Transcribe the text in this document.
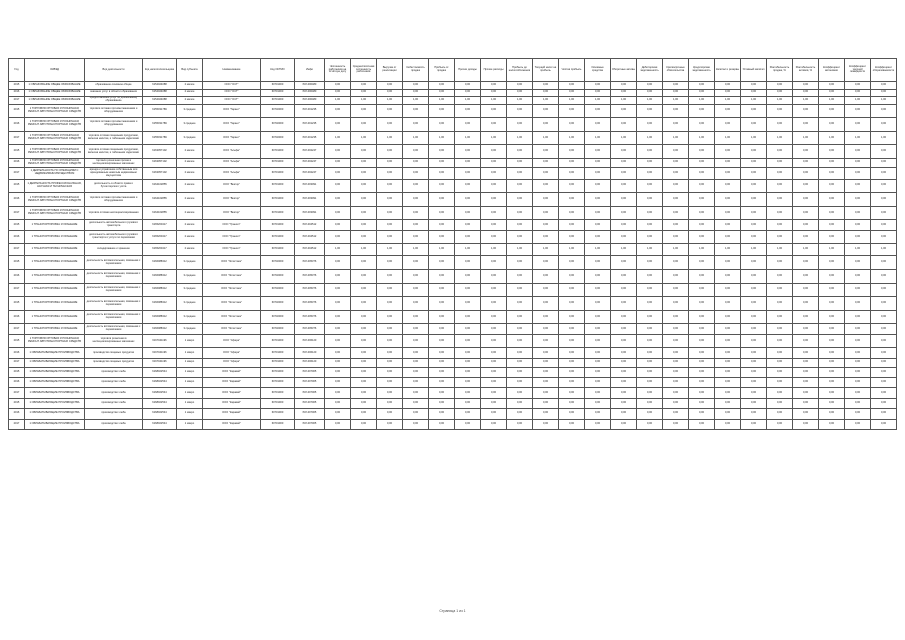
Год	ОКВЭД	Вид деятельности	Код налогоплательщика	Вид субъекта	Наименование	Код ОКТМО	Инфо	Численность работников на отчётную дату	Среднесписочная численность работников	Выручка от реализации	Себестоимость продаж	Прибыль от продаж	Прочие доходы	Прочие расходы	Прибыль до налогообложения	Текущий налог на прибыль	Чистая прибыль	Основные средства	Оборотные активы	Дебиторская задолженность	Краткосрочные обязательства	Кредиторская задолженность	Капитал и резервы	Уставный капитал	Рентабельность продаж, %	Рентабельность активов, %	Коэффициент автономии	Коэффициент текущей ликвидности	Коэффициент оборачиваемости
2015	1 ОБРАЗОВАНИЕ ОБЩЕЕ ОБРАЗОВАНИЕ	образование основное общее	6154024088	2 малое	ООО "ОСТ"	60701000	ЮЛ-000480	0,00	0,00	0,00	0,00	0,00	0,00	0,00	0,00	0,00	0,00	0,00	0,00	0,00	0,00	0,00	0,00	0,00	0,00	0,00	0,00	0,00	0,00
2016	1 ОБРАЗОВАНИЕ ОБЩЕЕ ОБРАЗОВАНИЕ	оказание услуг в области образования	6154024088	2 малое	ООО "ОСТ"	60701000	ЮЛ-000480	0,00	0,00	0,00	0,00	0,00	0,00	0,00	0,00	0,00	0,00	0,00	0,00	0,00	0,00	0,00	0,00	0,00	0,00	0,00	0,00	0,00	0,00
2017	1 ОБРАЗОВАНИЕ ОБЩЕЕ ОБРАЗОВАНИЕ	предоставление услуг по дошкольному образованию	6154024088	2 малое	ООО "ОСТ"	60701000	ЮЛ-000480	1,00	1,00	1,00	1,00	1,00	1,00	1,00	1,00	1,00	1,00	1,00	1,00	1,00	1,00	1,00	1,00	1,00	1,00	1,00	1,00	1,00	1,00
2015	1 ТОРГОВЛЯ ОПТОВАЯ И РОЗНИЧНАЯ; РЕМОНТ АВТОТРАНСПОРТНЫХ СРЕДСТВ	торговля оптовая прочими машинами и оборудованием	6155031789	3 среднее	ООО "Гарант"	60740000	ЮЛ-001235	0,00	0,00	0,00	0,00	0,00	0,00	0,00	0,00	0,00	0,00	0,00	0,00	0,00	0,00	0,00	0,00	0,00	0,00	0,00	0,00	0,00	0,00
2016	1 ТОРГОВЛЯ ОПТОВАЯ И РОЗНИЧНАЯ; РЕМОНТ АВТОТРАНСПОРТНЫХ СРЕДСТВ	торговля оптовая прочими машинами и оборудованием	6155031789	3 среднее	ООО "Гарант"	60740000	ЮЛ-001235	0,00	0,00	0,00	0,00	0,00	0,00	0,00	0,00	0,00	0,00	0,00	0,00	0,00	0,00	0,00	0,00	0,00	0,00	0,00	0,00	0,00	0,00
2017	1 ТОРГОВЛЯ ОПТОВАЯ И РОЗНИЧНАЯ; РЕМОНТ АВТОТРАНСПОРТНЫХ СРЕДСТВ	торговля оптовая пищевыми продуктами, включая напитки, и табачными изделиями	6155031789	3 среднее	ООО "Гарант"	60740000	ЮЛ-001235	1,00	1,00	1,00	1,00	1,00	1,00	1,00	1,00	1,00	1,00	1,00	1,00	1,00	1,00	1,00	1,00	1,00	1,00	1,00	1,00	1,00	1,00
2015	1 ТОРГОВЛЯ ОПТОВАЯ И РОЗНИЧНАЯ; РЕМОНТ АВТОТРАНСПОРТНЫХ СРЕДСТВ	торговля оптовая пищевыми продуктами, включая напитки, и табачными изделиями	6163057102	2 малое	ООО "Альфа"	60701000	ЮЛ-002247	0,00	0,00	0,00	0,00	0,00	0,00	0,00	0,00	0,00	0,00	0,00	0,00	0,00	0,00	0,00	0,00	0,00	0,00	0,00	0,00	0,00	0,00
2016	1 ТОРГОВЛЯ ОПТОВАЯ И РОЗНИЧНАЯ; РЕМОНТ АВТОТРАНСПОРТНЫХ СРЕДСТВ	торговля розничная прочая в неспециализированных магазинах	6163057102	2 малое	ООО "Альфа"	60701000	ЮЛ-002247	0,00	0,00	0,00	0,00	0,00	0,00	0,00	0,00	0,00	0,00	0,00	0,00	0,00	0,00	0,00	0,00	0,00	0,00	0,00	0,00	0,00	0,00
2017	1 ДЕЯТЕЛЬНОСТЬ ПО ОПЕРАЦИЯМ С НЕДВИЖИМЫМ ИМУЩЕСТВОМ	аренда и управление собственным или арендованным нежилым недвижимым имуществом	6163057102	2 малое	ООО "Альфа"	60701000	ЮЛ-002247	0,00	0,00	0,00	0,00	0,00	0,00	0,00	0,00	0,00	0,00	0,00	0,00	0,00	0,00	0,00	0,00	0,00	0,00	0,00	0,00	0,00	0,00
2015	1 ДЕЯТЕЛЬНОСТЬ ПРОФЕССИОНАЛЬНАЯ, НАУЧНАЯ И ТЕХНИЧЕСКАЯ	деятельность в области права и бухгалтерского учёта	6164102855	2 малое	ООО "Вектор"	60701000	ЮЛ-003091	0,00	0,00	0,00	0,00	0,00	0,00	0,00	0,00	0,00	0,00	0,00	0,00	0,00	0,00	0,00	0,00	0,00	0,00	0,00	0,00	0,00	0,00
2016	1 ТОРГОВЛЯ ОПТОВАЯ И РОЗНИЧНАЯ; РЕМОНТ АВТОТРАНСПОРТНЫХ СРЕДСТВ	торговля оптовая прочими машинами и оборудованием	6164102855	2 малое	ООО "Вектор"	60701000	ЮЛ-003091	0,00	0,00	0,00	0,00	0,00	0,00	0,00	0,00	0,00	0,00	0,00	0,00	0,00	0,00	0,00	0,00	0,00	0,00	0,00	0,00	0,00	0,00
2017	1 ТОРГОВЛЯ ОПТОВАЯ И РОЗНИЧНАЯ; РЕМОНТ АВТОТРАНСПОРТНЫХ СРЕДСТВ	торговля оптовая неспециализированная	6164102855	2 малое	ООО "Вектор"	60701000	ЮЛ-003091	0,00	0,00	0,00	0,00	0,00	0,00	0,00	0,00	0,00	0,00	0,00	0,00	0,00	0,00	0,00	0,00	0,00	0,00	0,00	0,00	0,00	0,00
2015	1 ТРАНСПОРТИРОВКА И ХРАНЕНИЕ	деятельность автомобильного грузового транспорта	6165200417	2 малое	ООО "Транзит"	60701000	ЮЛ-004512	0,00	0,00	0,00	0,00	0,00	0,00	0,00	0,00	0,00	0,00	0,00	0,00	0,00	0,00	0,00	0,00	0,00	0,00	0,00	0,00	0,00	0,00
2016	1 ТРАНСПОРТИРОВКА И ХРАНЕНИЕ	деятельность автомобильного грузового транспорта и услуги по перевозкам	6165200417	2 малое	ООО "Транзит"	60701000	ЮЛ-004512	0,00	0,00	0,00	0,00	0,00	0,00	0,00	0,00	0,00	0,00	0,00	0,00	0,00	0,00	0,00	0,00	0,00	0,00	0,00	0,00	0,00	0,00
2017	1 ТРАНСПОРТИРОВКА И ХРАНЕНИЕ	складирование и хранение	6165200417	2 малое	ООО "Транзит"	60701000	ЮЛ-004512	1,00	1,00	1,00	1,00	1,00	1,00	1,00	1,00	1,00	1,00	1,00	1,00	1,00	1,00	1,00	1,00	1,00	1,00	1,00	1,00	1,00	1,00
2015	1 ТРАНСПОРТИРОВКА И ХРАНЕНИЕ	деятельность вспомогательная, связанная с перевозками	6166088312	3 среднее	ООО "Логистика"	60740000	ЮЛ-005376	0,00	0,00	0,00	0,00	0,00	0,00	0,00	0,00	0,00	0,00	0,00	0,00	0,00	0,00	0,00	0,00	0,00	0,00	0,00	0,00	0,00	0,00
2016	1 ТРАНСПОРТИРОВКА И ХРАНЕНИЕ	деятельность вспомогательная, связанная с перевозками	6166088312	3 среднее	ООО "Логистика"	60740000	ЮЛ-005376	0,00	0,00	0,00	0,00	0,00	0,00	0,00	0,00	0,00	0,00	0,00	0,00	0,00	0,00	0,00	0,00	0,00	0,00	0,00	0,00	0,00	0,00
2017	1 ТРАНСПОРТИРОВКА И ХРАНЕНИЕ	деятельность вспомогательная, связанная с перевозками	6166088312	3 среднее	ООО "Логистика"	60740000	ЮЛ-005376	0,00	0,00	0,00	0,00	0,00	0,00	0,00	0,00	0,00	0,00	0,00	0,00	0,00	0,00	0,00	0,00	0,00	0,00	0,00	0,00	0,00	0,00
2015	1 ТРАНСПОРТИРОВКА И ХРАНЕНИЕ	деятельность вспомогательная, связанная с перевозками	6166088312	3 среднее	ООО "Логистика"	60740000	ЮЛ-005376	0,00	0,00	0,00	0,00	0,00	0,00	0,00	0,00	0,00	0,00	0,00	0,00	0,00	0,00	0,00	0,00	0,00	0,00	0,00	0,00	0,00	0,00
2016	1 ТРАНСПОРТИРОВКА И ХРАНЕНИЕ	деятельность вспомогательная, связанная с перевозками	6166088312	3 среднее	ООО "Логистика"	60740000	ЮЛ-005376	0,00	0,00	0,00	0,00	0,00	0,00	0,00	0,00	0,00	0,00	0,00	0,00	0,00	0,00	0,00	0,00	0,00	0,00	0,00	0,00	0,00	0,00
2017	1 ТРАНСПОРТИРОВКА И ХРАНЕНИЕ	деятельность вспомогательная, связанная с перевозками	6166088312	3 среднее	ООО "Логистика"	60740000	ЮЛ-005376	0,00	0,00	0,00	0,00	0,00	0,00	0,00	0,00	0,00	0,00	0,00	0,00	0,00	0,00	0,00	0,00	0,00	0,00	0,00	0,00	0,00	0,00
2015	1 ТОРГОВЛЯ ОПТОВАЯ И РОЗНИЧНАЯ; РЕМОНТ АВТОТРАНСПОРТНЫХ СРЕДСТВ	торговля розничная в неспециализированных магазинах	6167041196	1 микро	ООО "Сфера"	60701000	ЮЛ-006120	0,00	0,00	0,00	0,00	0,00	0,00	0,00	0,00	0,00	0,00	0,00	0,00	0,00	0,00	0,00	0,00	0,00	0,00	0,00	0,00	0,00	0,00
2016	1 ОБРАБАТЫВАЮЩИЕ ПРОИЗВОДСТВА	производство пищевых продуктов	6167041196	1 микро	ООО "Сфера"	60701000	ЮЛ-006120	0,00	0,00	0,00	0,00	0,00	0,00	0,00	0,00	0,00	0,00	0,00	0,00	0,00	0,00	0,00	0,00	0,00	0,00	0,00	0,00	0,00	0,00
2017	1 ОБРАБАТЫВАЮЩИЕ ПРОИЗВОДСТВА	производство пищевых продуктов	6167041196	1 микро	ООО "Сфера"	60701000	ЮЛ-006120	0,00	0,00	0,00	0,00	0,00	0,00	0,00	0,00	0,00	0,00	0,00	0,00	0,00	0,00	0,00	0,00	0,00	0,00	0,00	0,00	0,00	0,00
2015	1 ОБРАБАТЫВАЮЩИЕ ПРОИЗВОДСТВА	производство хлеба	6168022544	1 микро	ООО "Каравай"	60701000	ЮЛ-007005	0,00	0,00	0,00	0,00	0,00	0,00	0,00	0,00	0,00	0,00	0,00	0,00	0,00	0,00	0,00	0,00	0,00	0,00	0,00	0,00	0,00	0,00
2016	1 ОБРАБАТЫВАЮЩИЕ ПРОИЗВОДСТВА	производство хлеба	6168022544	1 микро	ООО "Каравай"	60701000	ЮЛ-007005	0,00	0,00	0,00	0,00	0,00	0,00	0,00	0,00	0,00	0,00	0,00	0,00	0,00	0,00	0,00	0,00	0,00	0,00	0,00	0,00	0,00	0,00
2017	1 ОБРАБАТЫВАЮЩИЕ ПРОИЗВОДСТВА	производство хлеба	6168022544	1 микро	ООО "Каравай"	60701000	ЮЛ-007005	0,00	0,00	0,00	0,00	0,00	0,00	0,00	0,00	0,00	0,00	0,00	0,00	0,00	0,00	0,00	0,00	0,00	0,00	0,00	0,00	0,00	0,00
2015	1 ОБРАБАТЫВАЮЩИЕ ПРОИЗВОДСТВА	производство хлеба	6168022544	1 микро	ООО "Каравай"	60701000	ЮЛ-007005	0,00	0,00	0,00	0,00	0,00	0,00	0,00	0,00	0,00	0,00	0,00	0,00	0,00	0,00	0,00	0,00	0,00	0,00	0,00	0,00	0,00	0,00
2016	1 ОБРАБАТЫВАЮЩИЕ ПРОИЗВОДСТВА	производство хлеба	6168022544	1 микро	ООО "Каравай"	60701000	ЮЛ-007005	0,00	0,00	0,00	0,00	0,00	0,00	0,00	0,00	0,00	0,00	0,00	0,00	0,00	0,00	0,00	0,00	0,00	0,00	0,00	0,00	0,00	0,00
2017	1 ОБРАБАТЫВАЮЩИЕ ПРОИЗВОДСТВА	производство хлеба	6168022544	1 микро	ООО "Каравай"	60701000	ЮЛ-007005	0,00	0,00	0,00	0,00	0,00	0,00	0,00	0,00	0,00	0,00	0,00	0,00	0,00	0,00	0,00	0,00	0,00	0,00	0,00	0,00	0,00	0,00
Страница 1 из 1
